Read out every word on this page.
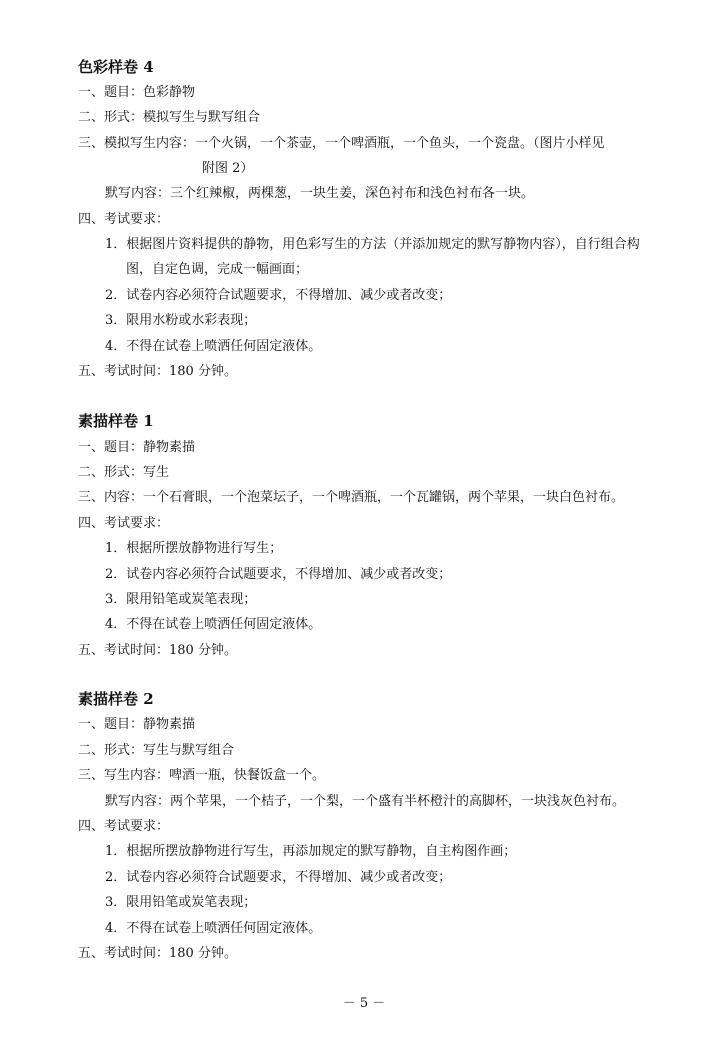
色彩样卷 4
一、题目：色彩静物
二、形式：模拟写生与默写组合
三、模拟写生内容：一个火锅，一个茶壶，一个啤酒瓶，一个鱼头，一个瓷盘。（图片小样见
附图 2）
默写内容：三个红辣椒，两棵葱，一块生姜，深色衬布和浅色衬布各一块。
四、考试要求：
1．根据图片资料提供的静物，用色彩写生的方法（并添加规定的默写静物内容），自行组合构
图，自定色调，完成一幅画面；
2．试卷内容必须符合试题要求，不得增加、减少或者改变；
3．限用水粉或水彩表现；
4．不得在试卷上喷洒任何固定液体。
五、考试时间：180 分钟。
素描样卷 1
一、题目：静物素描
二、形式：写生
三、内容：一个石膏眼，一个泡菜坛子，一个啤酒瓶，一个瓦罐锅，两个苹果，一块白色衬布。
四、考试要求：
1．根据所摆放静物进行写生；
2．试卷内容必须符合试题要求，不得增加、减少或者改变；
3．限用铅笔或炭笔表现；
4．不得在试卷上喷洒任何固定液体。
五、考试时间：180 分钟。
素描样卷 2
一、题目：静物素描
二、形式：写生与默写组合
三、写生内容：啤酒一瓶，快餐饭盒一个。
默写内容：两个苹果，一个桔子，一个梨，一个盛有半杯橙汁的高脚杯，一块浅灰色衬布。
四、考试要求：
1．根据所摆放静物进行写生，再添加规定的默写静物，自主构图作画；
2．试卷内容必须符合试题要求，不得增加、减少或者改变；
3．限用铅笔或炭笔表现；
4．不得在试卷上喷洒任何固定液体。
五、考试时间：180 分钟。
－ 5 －
